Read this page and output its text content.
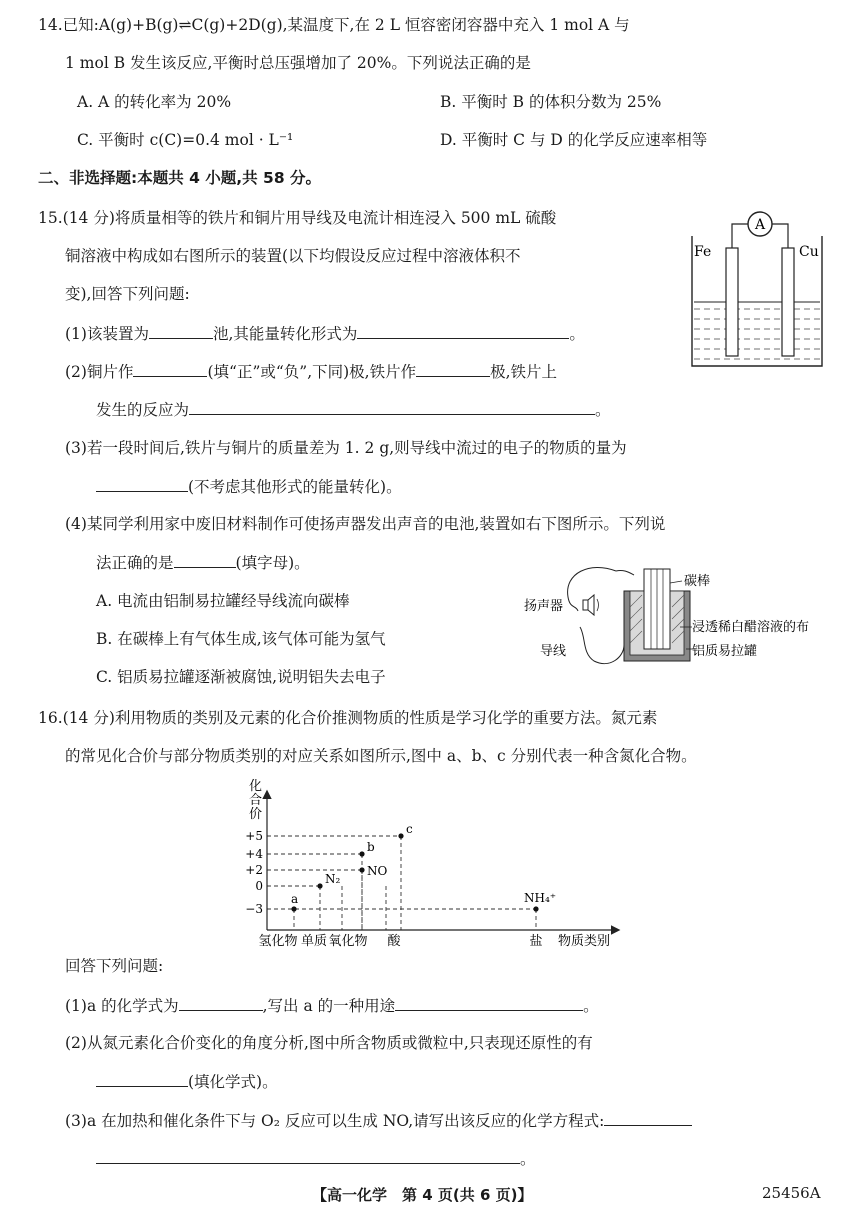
14.已知:A(g)+B(g)⇌C(g)+2D(g),某温度下,在 2 L 恒容密闭容器中充入 1 mol A 与
1 mol B 发生该反应,平衡时总压强增加了 20%。下列说法正确的是
A. A 的转化率为 20%	B. 平衡时 B 的体积分数为 25%
C. 平衡时 c(C)=0.4 mol · L⁻¹	D. 平衡时 C 与 D 的化学反应速率相等
二、非选择题:本题共 4 小题,共 58 分。
15.(14 分)将质量相等的铁片和铜片用导线及电流计相连浸入 500 mL 硫酸
铜溶液中构成如右图所示的装置(以下均假设反应过程中溶液体积不
变),回答下列问题:
(1)该装置为	池,其能量转化形式为	。
(2)铜片作	(填“正”或“负”,下同)极,铁片作	极,铁片上
发生的反应为	。
(3)若一段时间后,铁片与铜片的质量差为 1. 2 g,则导线中流过的电子的物质的量为
(不考虑其他形式的能量转化)。
(4)某同学利用家中废旧材料制作可使扬声器发出声音的电池,装置如右下图所示。下列说
法正确的是	(填字母)。
A. 电流由铝制易拉罐经导线流向碳棒
B. 在碳棒上有气体生成,该气体可能为氢气
C. 铝质易拉罐逐渐被腐蚀,说明铝失去电子
A
Fe	Cu
碳棒
扬声器
浸透稀白醋溶液的布
导线	铝质易拉罐
16.(14 分)利用物质的类别及元素的化合价推测物质的性质是学习化学的重要方法。氮元素
的常见化合价与部分物质类别的对应关系如图所示,图中 a、b、c 分别代表一种含氮化合物。
化合价
+5
+4
+2
0
−3
氢化物 单质 氧化物 酸	盐
a
N₂
NO
b
c
NH₄⁺
物质类别
回答下列问题:
(1)a 的化学式为	,写出 a 的一种用途	。
(2)从氮元素化合价变化的角度分析,图中所含物质或微粒中,只表现还原性的有
(填化学式)。
(3)a 在加热和催化条件下与 O₂ 反应可以生成 NO,请写出该反应的化学方程式:
。
【高一化学　第 4 页(共 6 页)】	25456A
